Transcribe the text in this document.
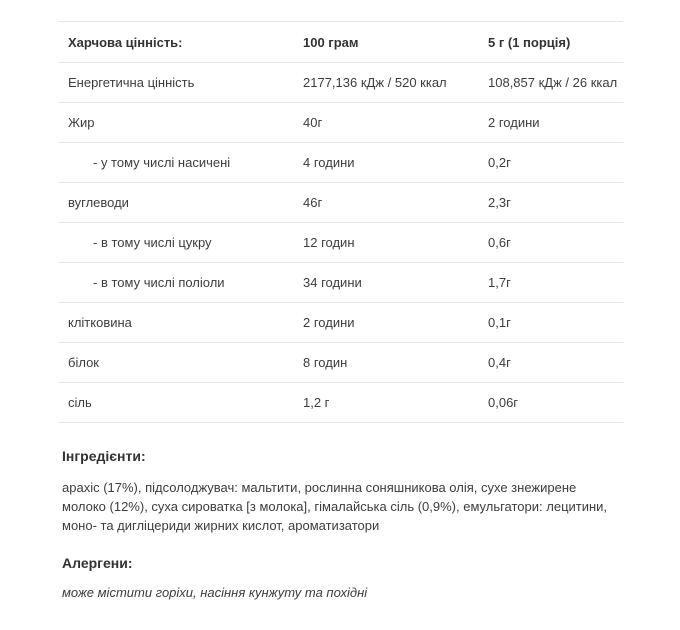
Харчова цінність:	100 грам	5 г (1 порція)
Енергетична цінність	2177,136 кДж / 520 ккал	108,857 кДж / 26 ккал
Жир	40г	2 години
- у тому числі насичені	4 години	0,2г
вуглеводи	46г	2,3г
- в тому числі цукру	12 годин	0,6г
- в тому числі поліоли	34 години	1,7г
клітковина	2 години	0,1г
білок	8 годин	0,4г
сіль	1,2 г	0,06г
Інгредієнти:

арахіс (17%), підсолоджувач: мальтити, рослинна соняшникова олія, сухе знежирене молоко (12%), суха сироватка [з молока], гімалайська сіль (0,9%), емульгатори: лецитини, моно- та дигліцериди жирних кислот, ароматизатори

Алергени:

може містити горіхи, насіння кунжуту та похідні
